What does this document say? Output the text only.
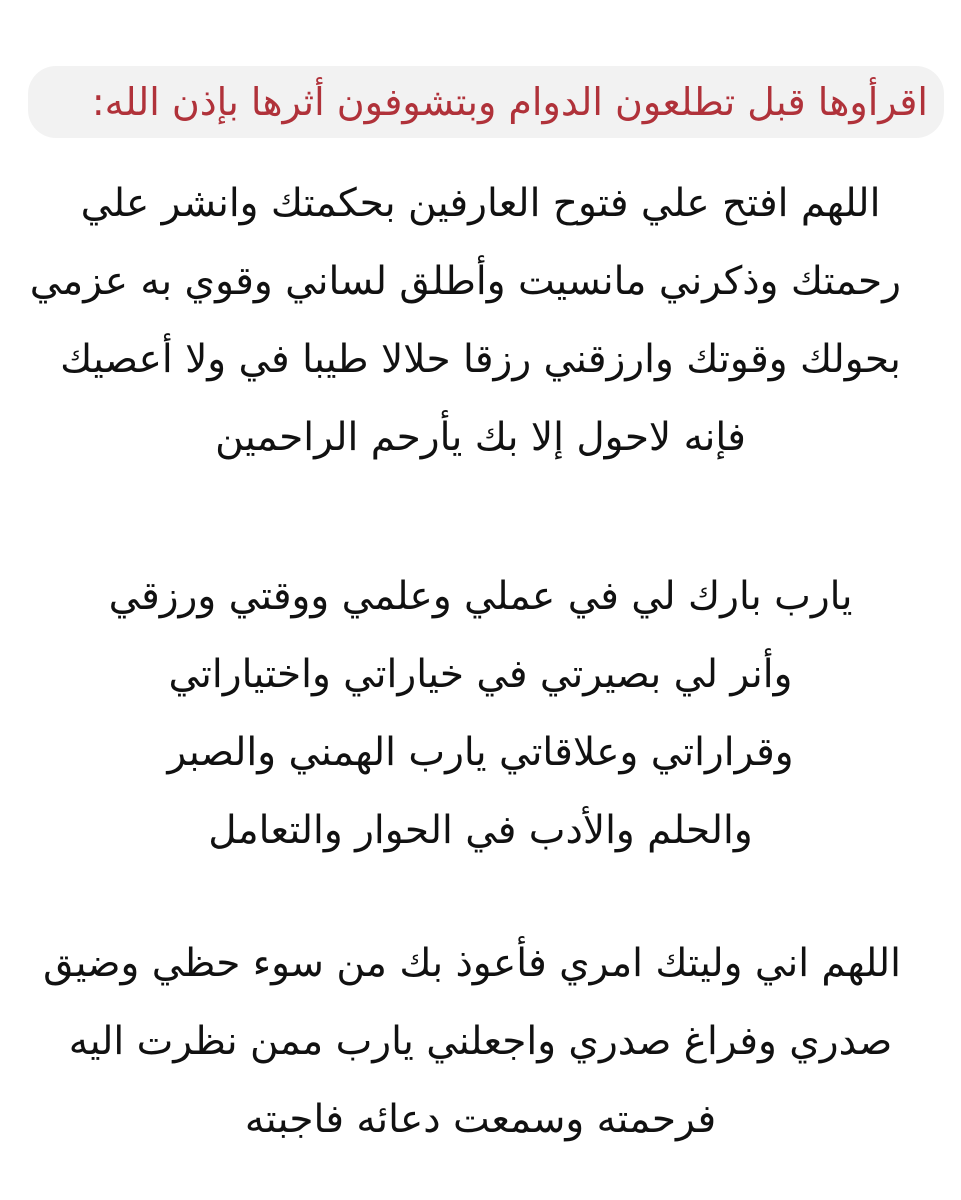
اقرأوها قبل تطلعون الدوام وبتشوفون أثرها بإذن الله:
اللهم افتح علي فتوح العارفين بحكمتك وانشر علي
رحمتك وذكرني مانسيت وأطلق لساني وقوي به عزمي
بحولك وقوتك وارزقني رزقا حلالا طيبا في ولا أعصيك
فإنه لاحول إلا بك يأرحم الراحمين
يارب بارك لي في عملي وعلمي ووقتي ورزقي
وأنر لي بصيرتي في خياراتي واختياراتي
وقراراتي وعلاقاتي يارب الهمني والصبر
والحلم والأدب في الحوار والتعامل
اللهم اني وليتك امري فأعوذ بك من سوء حظي وضيق
صدري وفراغ صدري واجعلني يارب ممن نظرت اليه
فرحمته وسمعت دعائه فاجبته
